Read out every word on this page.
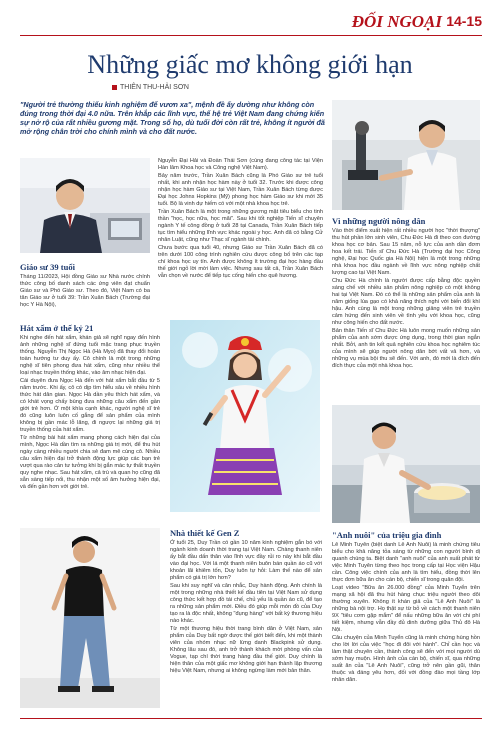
ĐỐI NGOẠI 14-15
Những giấc mơ không giới hạn
THIÊN THU-HẢI SƠN
"Người trẻ thường thiếu kinh nghiệm để vươn xa", mệnh đề ấy dường như không còn đúng trong thời đại 4.0 nữa. Trên khắp các lĩnh vực, thế hệ trẻ Việt Nam đang chứng kiến sự nở rộ của rất nhiều gương mặt. Trong số họ, dù tuổi đời còn rất trẻ, không ít người đã mở rộng chân trời cho chính mình và cho đất nước.
Giáo sư 39 tuổi

Tháng 11/2023, Hội đồng Giáo sư Nhà nước chính thức công bố danh sách các ứng viên đạt chuẩn Giáo sư và Phó Giáo sư. Theo đó, Việt Nam có ba tân Giáo sư ở tuổi 39: Trần Xuân Bách (Trường đại học Y Hà Nội),

Nguyễn Đại Hải và Đoàn Thái Sơn (cùng đang công tác tại Viện Hàn lâm Khoa học và Công nghệ Việt Nam).

Bảy năm trước, Trần Xuân Bách cũng là Phó Giáo sư trẻ tuổi nhất, khi anh nhận học hàm này ở tuổi 32. Trước khi được công nhận học hàm Giáo sư tại Việt Nam, Trần Xuân Bách từng được Đại học Johns Hopkins (Mỹ) phong học hàm Giáo sư khi mới 35 tuổi. Bộ là vinh dự hiếm có với một nhà khoa học trẻ.

Trần Xuân Bách là một trong những gương mặt tiêu biểu cho tinh thần "học, học nữa, học mãi". Sau khi tốt nghiệp Tiến sĩ chuyên ngành Y tế công đồng ở tuổi 28 tại Canada, Trần Xuân Bách tiếp tục tìm hiểu những lĩnh vực khác ngoài y học. Anh đã có bằng Cử nhân Luật, cũng như Thạc sĩ ngành tài chính.

Chưa bước qua tuổi 40, nhưng Giáo sư Trần Xuân Bách đã có trên dưới 100 công trình nghiên cứu được công bố trên các tạp chí khoa học uy tín. Anh được không ít trường đại học hàng đầu thế giới ngỏ lời mời làm việc. Nhưng sau tất cả, Trần Xuân Bách vẫn chọn về nước để tiếp tục cống hiến cho quê hương.

Hát xẩm ở thế kỷ 21

Khi nghe đến hát xẩm, khán giả sẽ nghĩ ngay đến hình ảnh những nghệ sĩ đứng tuổi mặc trang phục truyền thống. Nguyễn Thị Ngọc Hà (Hà Myo) đã thay đổi hoàn toàn hướng tư duy ấy. Cô chính là một trong những nghệ sĩ tiên phong đưa hát xẩm, cũng như nhiều thể loại nhạc truyền thống khác, vào âm nhạc hiện đại.

Cái duyên đưa Ngọc Hà đến với hát xẩm bắt đầu từ 5 năm trước. Khi ấy, cô có dịp tìm hiểu sâu về nhiều hình thức hát dân gian. Ngọc Hà dần yêu thích hát xẩm, và có khát vọng chấy bùng đưa những câu xẩm đến gần giới trẻ hơn. Ở một khía cạnh khác, người nghệ sĩ trẻ đó cũng luôn luôn cố gắng để sản phẩm của mình không bị gần mác lỗ lãng, đi ngược lại những giá trị truyền thống của hát xẩm.

Từ những bài hát xẩm mang phong cách hiện đại của mình, Ngọc Hà dần tìm ra những giá trị mới, để thu hút ngày càng nhiều người chia sẻ đam mê cùng cô. Nhiều câu xẩm hiện đại trở thành động lực giúp các bạn trẻ vượt qua rào cản tư tưởng khi bị gắn mác tự thất truyền quy nghe nhạc. Sau hát xẩm, cả trù và quan họ cũng đã sẵn sàng tiếp nối, thu nhận một số âm hưởng hiện đại, và đến gần hơn với giới trẻ.

Vì những người nông dân

Vào thời điểm xuất hiện rất nhiều người học "thời thượng" thu hút phần lớn sinh viên, Chu Đức Hà đi theo con đường khoa học cơ bản. Sau 15 năm, nỗ lực của anh dần đơm hoa kết trái. Tiến sĩ Chu Đức Hà (Trường đại học Công nghệ, Đại học Quốc gia Hà Nội) hiện là một trong những nhà khoa học đầu ngành về lĩnh vực nông nghiệp chất lượng cao tại Việt Nam.

Chu Đức Hà chính là người được cấp bằng độc quyền sáng chế với nhiều sản phẩm nông nghiệp có một không hai tại Việt Nam. Đó có thể là những sản phẩm của anh là năm giống lúa gạo có khả năng thích nghi với biến đổi khí hậu. Anh cùng là một trong những giảng viên trẻ truyền cảm hứng đến sinh viên về tình yêu với khoa học, cũng như công hiến cho đất nước.

Bản thân Tiến sĩ Chu Đức Hà luôn mong muốn những sản phẩm của anh sớm được ứng dụng, trong thời gian ngắn nhất. Bởi, anh tin kết quả nghiên cứu khoa học nghiêm túc của mình sẽ giúp người nông dân bớt vất vả hơn, và những vụ mùa bội thu sẽ đến. Với anh, đó mới là đích đến đích thực của một nhà khoa học.

"Anh nuôi" của triệu gia đình

Lê Minh Tuyên (biệt danh Lê Anh Nuôi) là minh chứng tiêu biểu cho khả năng tỏa sáng từ những con người bình dị quanh chúng ta. Biệt danh "anh nuôi" của anh xuất phát từ việc Minh Tuyên từng theo học trong cấp tại Học viện Hậu cần. Công việc chính của anh là tìm hiểu, đồng thời lên thực đơn bữa ăn cho cán bộ, chiến sĩ trong quân đội.

Loạt video "Bữa ăn 26.000 đồng" của Minh Tuyển trên mạng xã hội đã thu hút hàng chục triệu người theo dõi thường xuyên. Không ít khán giả của "Lê Anh Nuôi" là những bà nội trợ. Họ thật sự từ bỏ về cách một thanh niên 9X "tiêu cơm gặp mắm" để nấu những bữa ăn với chi phí tiết kiệm, nhưng vẫn đầy đủ dinh dưỡng giữa Thủ đô Hà Nội.

Câu chuyện của Minh Tuyển cũng là minh chứng hùng hồn cho lời lời của việc "học đi đôi với hành". Chỉ cần học và làm thật chuyên cần, thành công sẽ đến với mọi người dù sớm hay muộn. Hình ảnh của cán bộ, chiến sĩ, qua những suất ăn của "Lê Anh Nuôi", cũng trở nên gần gũi, thân thuộc và đáng yêu hơn, đối với đồng đào mọi tầng lớp nhân dân.

Nhà thiết kế Gen Z

Ở tuổi 25, Duy Trần có gần 10 năm kinh nghiệm gắn bó với ngành kinh doanh thời trang tại Việt Nam. Chàng thanh niên ấy bắt đầu dấn thân vào lĩnh vực đầy rủi ro này khi bắt đầu vào đại học. Với lá một thanh niên buôn bán quần áo cũ với khoản lãi khiêm tốn, Duy luôn tự hỏi: Làm thế nào để sản phẩm có giá trị lớn hơn?

Sau khi suy nghĩ và cân nhắc, Duy hành động. Anh chính là một trong những nhà thiết kế đầu tiên tại Việt Nam sử dụng công thức kết hợp đồ tái chế, chủ yếu là quần áo cũ, để tạo ra những sản phẩm mới. Điều đó giúp mỗi món đồ của Duy tạo ra là độc nhất, không "đụng hàng" với bất kỳ thương hiệu nào khác.

Từ một thương hiệu thời trang bình dân ở Việt Nam, sản phẩm của Duy bất ngờ được thế giới biết đến, khi một thành viên của nhóm nhạc nữ lừng danh Blackpink sử dụng. Không lâu sau đó, anh trở thành khách mời phòng vấn của Vogue, tạp chí thời trang hàng đầu thế giới. Duy chính là hiện thân của một giấc mơ không giới hạn thành lập thương hiệu Việt Nam, nhưng ai không ngừng làm mới bản thân.
